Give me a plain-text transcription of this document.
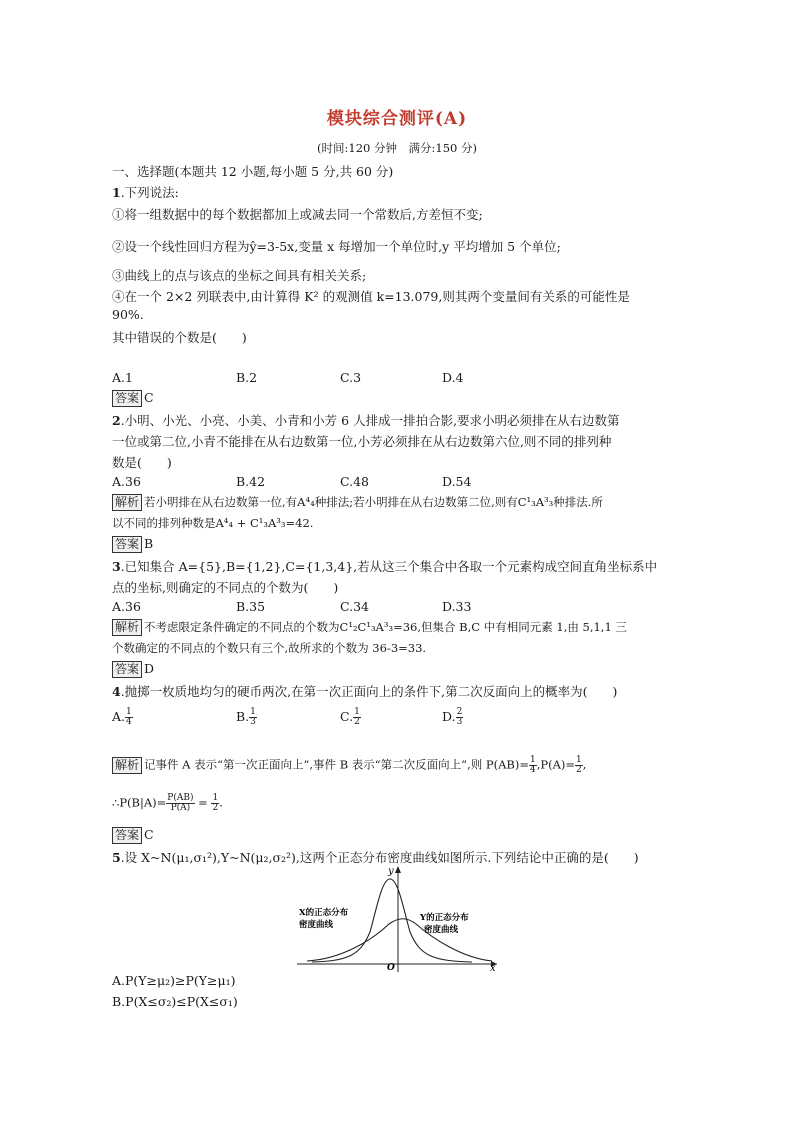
模块综合测评(A)
(时间:120 分钟　满分:150 分)
一、选择题(本题共 12 小题,每小题 5 分,共 60 分)
1.下列说法:
①将一组数据中的每个数据都加上或减去同一个常数后,方差恒不变;
②设一个线性回归方程为ŷ=3-5x,变量 x 每增加一个单位时,y 平均增加 5 个单位;
③曲线上的点与该点的坐标之间具有相关关系;
④在一个 2×2 列联表中,由计算得 K² 的观测值 k=13.079,则其两个变量间有关系的可能性是
90%.
其中错误的个数是(　　)
A.1	B.2	C.3	D.4
答案 C
2.小明、小光、小亮、小美、小青和小芳 6 人排成一排拍合影,要求小明必须排在从右边数第
一位或第二位,小青不能排在从右边数第一位,小芳必须排在从右边数第六位,则不同的排列种
数是(　　)
A.36	B.42	C.48	D.54
解析 若小明排在从右边数第一位,有A⁴₄种排法;若小明排在从右边数第二位,则有C¹₃A³₃种排法.所
以不同的排列种数是A⁴₄ + C¹₃A³₃=42.
答案 B
3.已知集合 A={5},B={1,2},C={1,3,4},若从这三个集合中各取一个元素构成空间直角坐标系中
点的坐标,则确定的不同点的个数为(　　)
A.36	B.35	C.34	D.33
解析 不考虑限定条件确定的不同点的个数为C¹₂C¹₃A³₃=36,但集合 B,C 中有相同元素 1,由 5,1,1 三
个数确定的不同点的个数只有三个,故所求的个数为 36-3=33.
答案 D
4.抛掷一枚质地均匀的硬币两次,在第一次正面向上的条件下,第二次反面向上的概率为(　　)
A. $\frac{1}{4}$	B. $\frac{1}{3}$	C. $\frac{1}{2}$	D. $\frac{2}{3}$
解析 记事件 A 表示“第一次正面向上”,事件 B 表示“第二次反面向上”,则 $P(AB)= \frac{1}{4} ,P(A)= \frac{1}{2}$ ,
∴P(B|A)= $\frac{P(AB)}{P(A)} = \frac{1}{2}$ .
答案 C
5.设 X~N(μ₁,σ₁²),Y~N(μ₂,σ₂²),这两个正态分布密度曲线如图所示.下列结论中正确的是(　　)
x
y
O
X的正态分布
密度曲线
Y的正态分布
密度曲线
A.P(Y≥μ₂)≥P(Y≥μ₁)
B.P(X≤σ₂)≤P(X≤σ₁)
